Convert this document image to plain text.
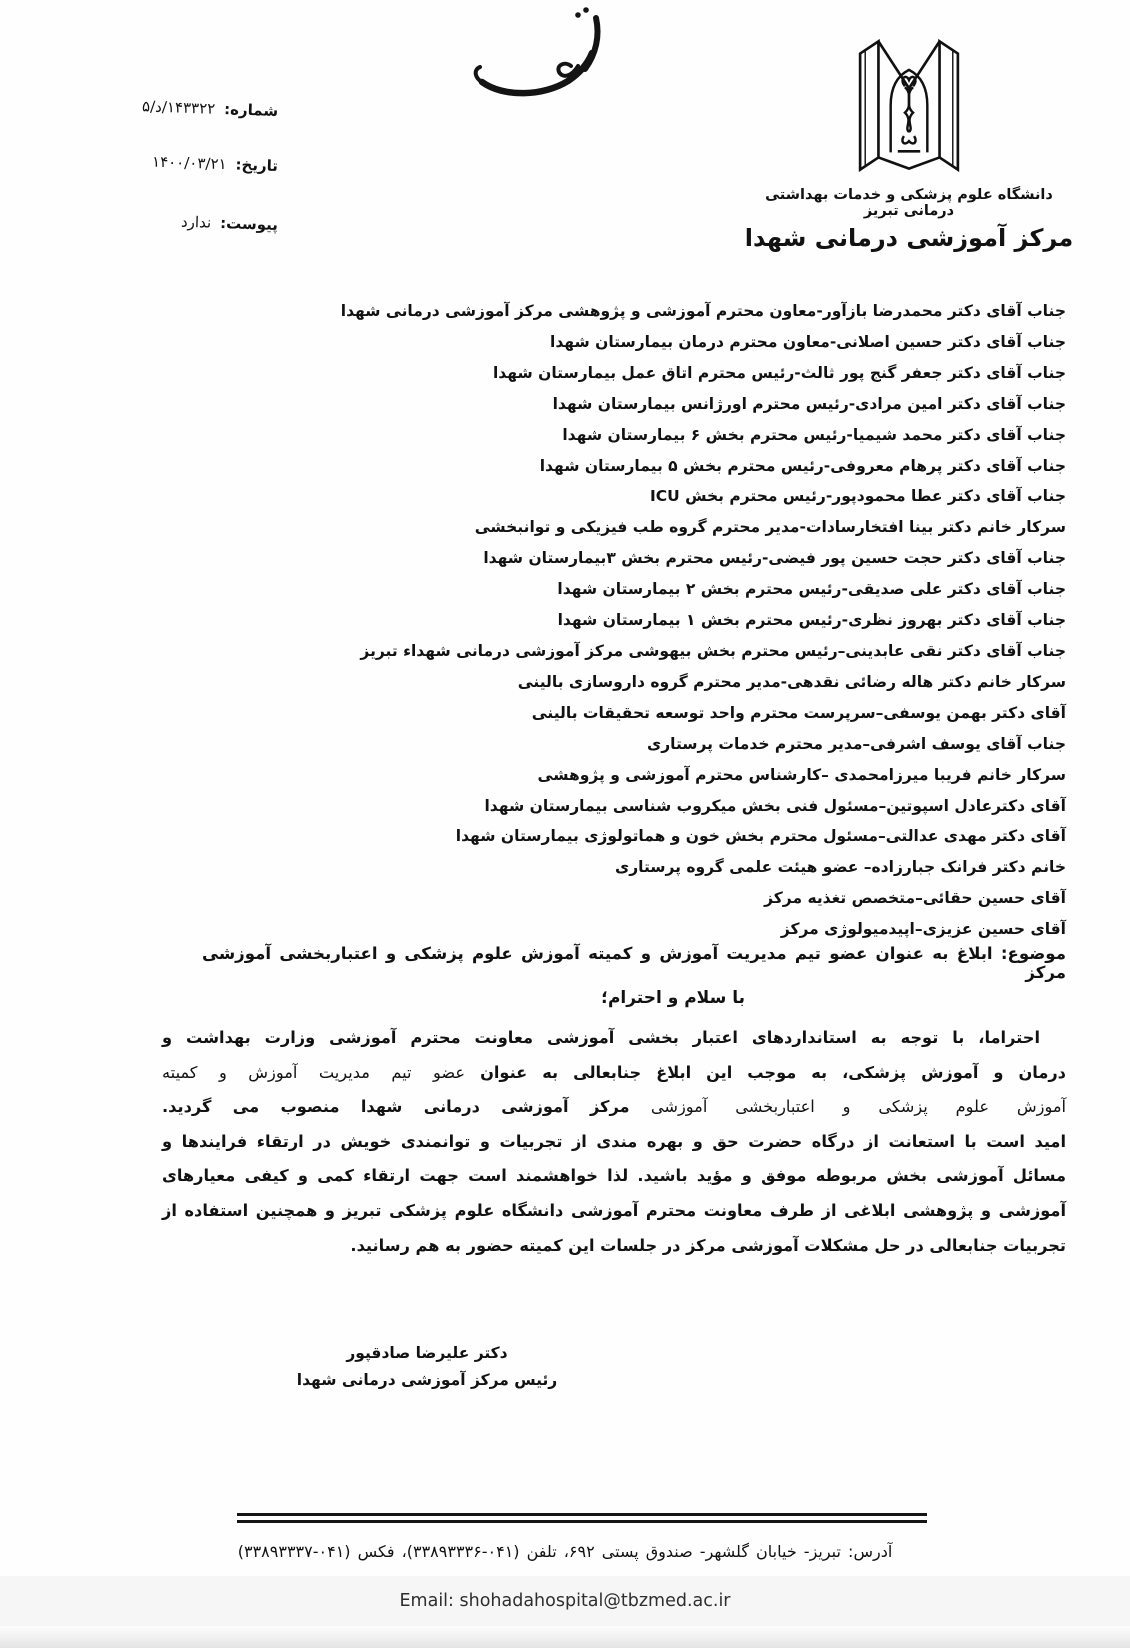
شماره:
۱۴۳۳۲۲/د/۵
تاریخ:
۱۴۰۰/۰۳/۲۱
پیوست:
ندارد
دانشگاه علوم پزشکی و خدمات بهداشتی درمانی تبریز
مرکز آموزشی درمانی شهدا
جناب آقای دکتر محمدرضا بازآور-معاون محترم آموزشی و پژوهشی مرکز آموزشی درمانی شهدا
جناب آقای دکتر حسین اصلانی-معاون محترم درمان بیمارستان شهدا
جناب آقای دکتر جعفر گنج پور ثالث-رئیس محترم اتاق عمل بیمارستان شهدا
جناب آقای دکتر امین مرادی-رئیس محترم اورژانس بیمارستان شهدا
جناب آقای دکتر محمد شیمیا-رئیس محترم بخش ۶ بیمارستان شهدا
جناب آقای دکتر پرهام معروفی-رئیس محترم بخش ۵ بیمارستان شهدا
جناب آقای دکتر عطا محمودپور-رئیس محترم بخش ICU
سرکار خانم دکتر بینا افتخارسادات-مدیر محترم گروه طب فیزیکی و توانبخشی
جناب آقای دکتر حجت حسین پور فیضی-رئیس محترم بخش ۳بیمارستان شهدا
جناب آقای دکتر علی صدیقی-رئیس محترم بخش ۲ بیمارستان شهدا
جناب آقای دکتر بهروز نظری-رئیس محترم بخش ۱ بیمارستان شهدا
جناب آقای دکتر نقی عابدینی–رئیس محترم بخش بیهوشی مرکز آموزشی درمانی شهداء تبریز
سرکار خانم دکتر هاله رضائی نقدهی-مدیر محترم گروه داروسازی بالینی
آقای دکتر بهمن یوسفی–سرپرست محترم واحد توسعه تحقیقات بالینی
جناب آقای یوسف اشرفی–مدیر محترم خدمات پرستاری
سرکار خانم فریبا میرزامحمدی –کارشناس محترم آموزشی و پژوهشی
آقای دکترعادل اسپوتین–مسئول فنی بخش میکروب شناسی بیمارستان شهدا
آقای دکتر مهدی عدالتی–مسئول محترم بخش خون و هماتولوژی بیمارستان شهدا
خانم دکتر فرانک جبارزاده– عضو هیئت علمی گروه پرستاری
آقای حسین حقائی–متخصص تغذیه مرکز
آقای حسین عزیزی–اپیدمیولوژی مرکز
موضوع: ابلاغ به عنوان عضو تیم مدیریت آموزش و کمیته آموزش علوم پزشکی و اعتباربخشی آموزشی مرکز
با سلام و احترام؛
احتراما، با توجه به استانداردهای اعتبار بخشی آموزشی معاونت محترم آموزشی وزارت بهداشت و
درمان و آموزش پزشکی، به موجب این ابلاغ جنابعالی به عنوان عضو تیم مدیریت آموزش و کمیته
آموزش علوم پزشکی و اعتباربخشی آموزشی مرکز آموزشی درمانی شهدا منصوب می گردید.
امید است با استعانت از درگاه حضرت حق و بهره مندی از تجربیات و توانمندی خویش در ارتقاء فرایندها و
مسائل آموزشی بخش مربوطه موفق و مؤید باشید. لذا خواهشمند است جهت ارتقاء کمی و کیفی معیارهای
آموزشی و پژوهشی ابلاغی از طرف معاونت محترم آموزشی دانشگاه علوم پزشکی تبریز و همچنین استفاده از
تجربیات جنابعالی در حل مشکلات آموزشی مرکز در جلسات این کمیته حضور به هم رسانید.
دکتر علیرضا صادقپور
رئیس مرکز آموزشی درمانی شهدا
آدرس: تبریز- خیابان گلشهر- صندوق پستی ۶۹۲، تلفن (۰۴۱-۳۳۸۹۳۳۳۶)، فکس (۰۴۱-۳۳۸۹۳۳۳۷)
Email: shohadahospital@tbzmed.ac.ir
